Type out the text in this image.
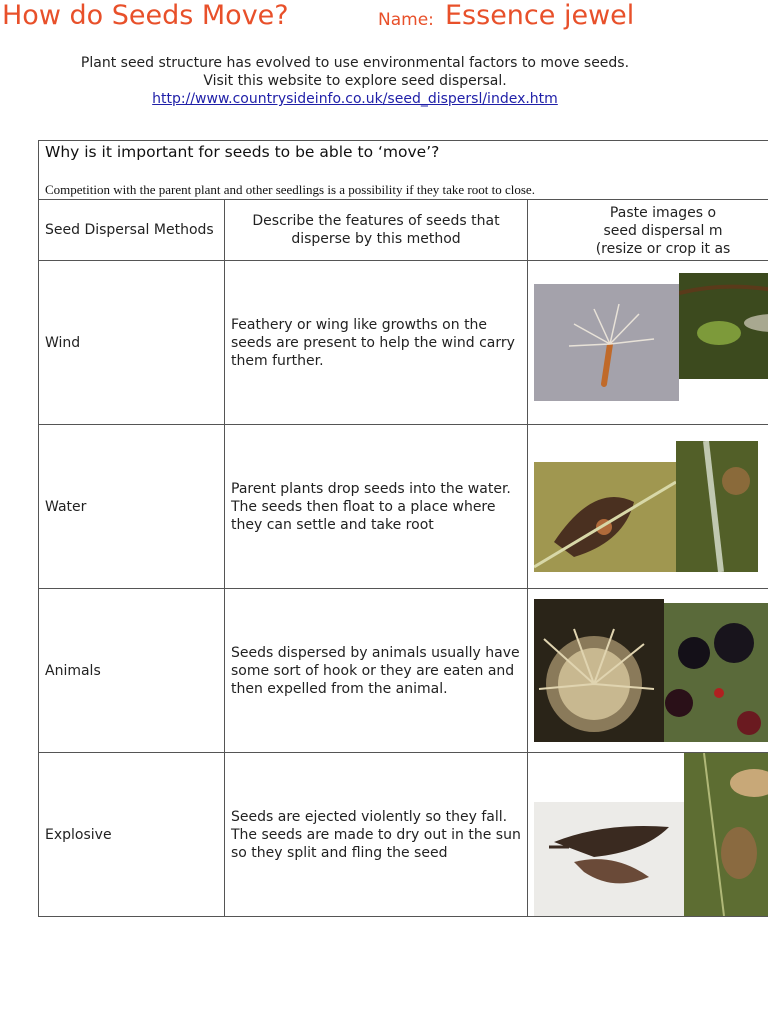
How do Seeds Move?	Name: Essence jewel
Plant seed structure has evolved to use environmental factors to move seeds.
Visit this website to explore seed dispersal.
http://www.countrysideinfo.co.uk/seed_dispersl/index.htm
Why is it important for seeds to be able to ‘move’?
Competition with the parent plant and other seedlings is a possibility if they take root to close.		

Seed Dispersal Methods	Describe the features of seeds that disperse by this method	Paste images o
seed dispersal m
(resize or crop it as

Wind	Feathery or wing like growths on the seeds are present to help the wind carry them further.	

Water	Parent plants drop seeds into the water. The seeds then float to a place where they can settle and take root	

Animals	Seeds dispersed by animals usually have some sort of hook or they are eaten and then expelled from the animal.	

Explosive	Seeds are ejected violently so they fall. The seeds are made to dry out in the sun so they split and fling the seed	
